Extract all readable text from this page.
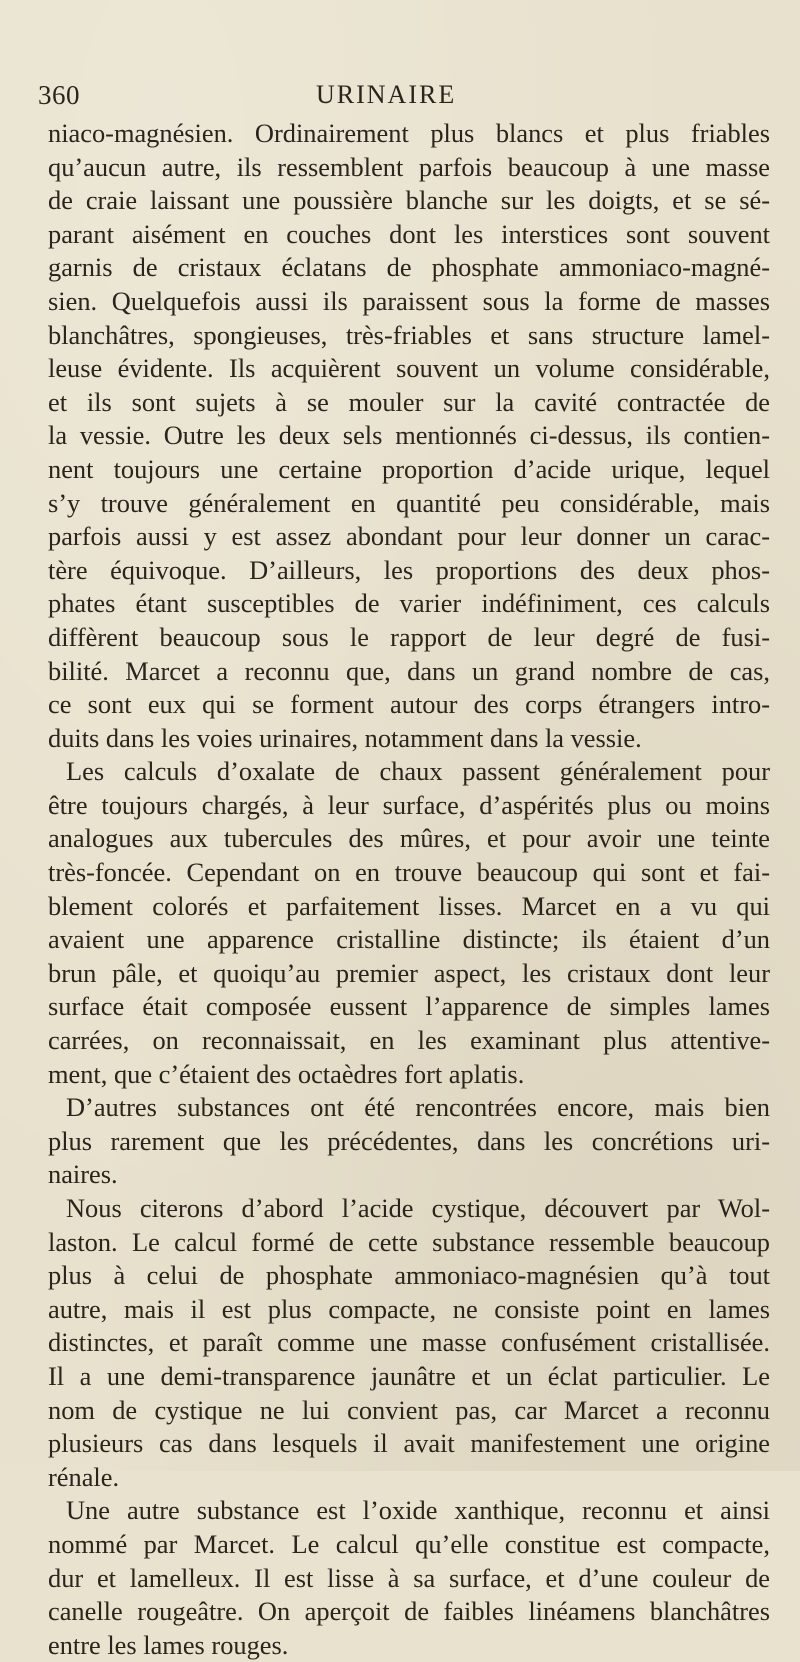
360	URINAIRE
niaco-magnésien. Ordinairement plus blancs et plus friables
qu’aucun autre, ils ressemblent parfois beaucoup à une masse
de craie laissant une poussière blanche sur les doigts, et se sé-
parant aisément en couches dont les interstices sont souvent
garnis de cristaux éclatans de phosphate ammoniaco-magné-
sien. Quelquefois aussi ils paraissent sous la forme de masses
blanchâtres, spongieuses, très-friables et sans structure lamel-
leuse évidente. Ils acquièrent souvent un volume considérable,
et ils sont sujets à se mouler sur la cavité contractée de
la vessie. Outre les deux sels mentionnés ci-dessus, ils contien-
nent toujours une certaine proportion d’acide urique, lequel
s’y trouve généralement en quantité peu considérable, mais
parfois aussi y est assez abondant pour leur donner un carac-
tère équivoque. D’ailleurs, les proportions des deux phos-
phates étant susceptibles de varier indéfiniment, ces calculs
diffèrent beaucoup sous le rapport de leur degré de fusi-
bilité. Marcet a reconnu que, dans un grand nombre de cas,
ce sont eux qui se forment autour des corps étrangers intro-
duits dans les voies urinaires, notamment dans la vessie.
Les calculs d’oxalate de chaux passent généralement pour
être toujours chargés, à leur surface, d’aspérités plus ou moins
analogues aux tubercules des mûres, et pour avoir une teinte
très-foncée. Cependant on en trouve beaucoup qui sont et fai-
blement colorés et parfaitement lisses. Marcet en a vu qui
avaient une apparence cristalline distincte; ils étaient d’un
brun pâle, et quoiqu’au premier aspect, les cristaux dont leur
surface était composée eussent l’apparence de simples lames
carrées, on reconnaissait, en les examinant plus attentive-
ment, que c’étaient des octaèdres fort aplatis.
D’autres substances ont été rencontrées encore, mais bien
plus rarement que les précédentes, dans les concrétions uri-
naires.
Nous citerons d’abord l’acide cystique, découvert par Wol-
laston. Le calcul formé de cette substance ressemble beaucoup
plus à celui de phosphate ammoniaco-magnésien qu’à tout
autre, mais il est plus compacte, ne consiste point en lames
distinctes, et paraît comme une masse confusément cristallisée.
Il a une demi-transparence jaunâtre et un éclat particulier. Le
nom de cystique ne lui convient pas, car Marcet a reconnu
plusieurs cas dans lesquels il avait manifestement une origine
rénale.
Une autre substance est l’oxide xanthique, reconnu et ainsi
nommé par Marcet. Le calcul qu’elle constitue est compacte,
dur et lamelleux. Il est lisse à sa surface, et d’une couleur de
canelle rougeâtre. On aperçoit de faibles linéamens blanchâtres
entre les lames rouges.
